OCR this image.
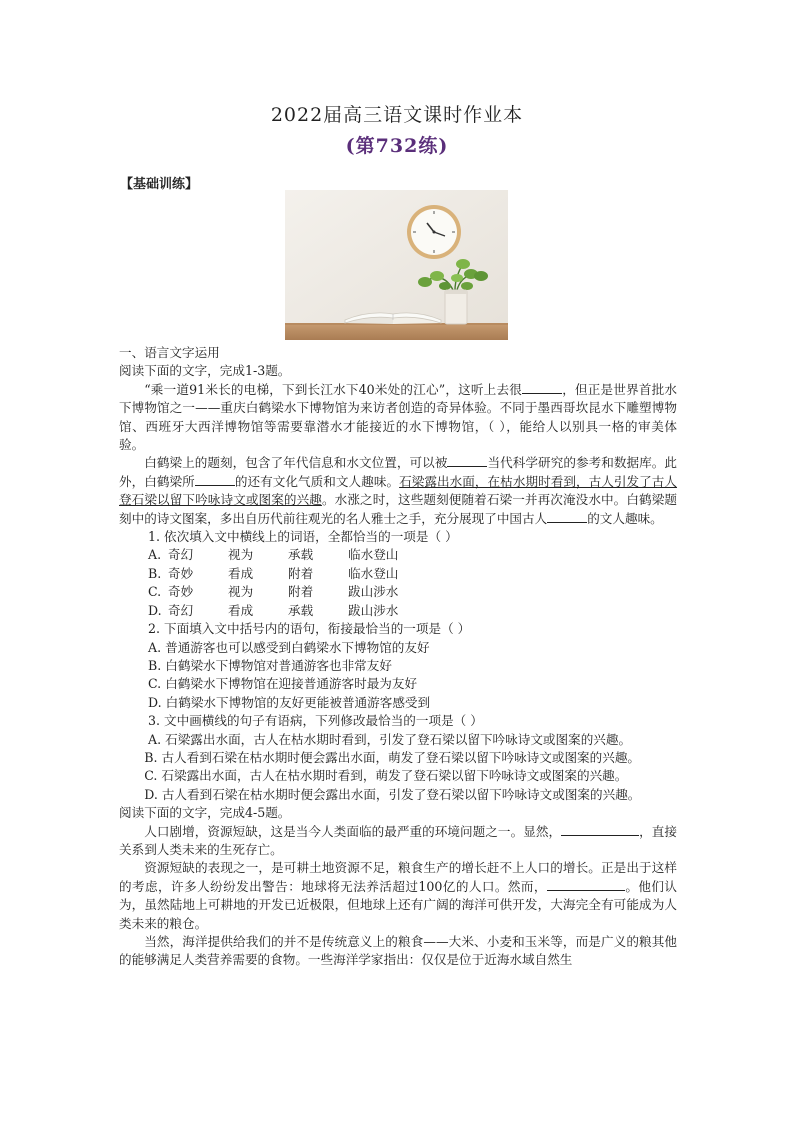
2022届高三语文课时作业本
(第732练)
【基础训练】

一、语言文字运用

阅读下面的文字，完成1-3题。

“乘一道91米长的电梯，下到长江水下40米处的江心”，这听上去很	，但正是世界首批水下博物馆之一——重庆白鹤梁水下博物馆为来访者创造的奇异体验。不同于墨西哥坎昆水下雕塑博物馆、西班牙大西洋博物馆等需要靠潜水才能接近的水下博物馆，（ ），能给人以别具一格的审美体验。

白鹤梁上的题刻，包含了年代信息和水文位置，可以被	当代科学研究的参考和数据库。此外，白鹤梁所	的还有文化气质和文人趣味。石梁露出水面，在枯水期时看到，古人引发了古人登石梁以留下吟咏诗文或图案的兴趣。水涨之时，这些题刻便随着石梁一并再次淹没水中。白鹤梁题刻中的诗文图案，多出自历代前往观光的名人雅士之手，充分展现了中国古人	的文人趣味。

1. 依次填入文中横线上的词语，全都恰当的一项是（ ）

A. 奇幻	视为	承载	临水登山

B. 奇妙	看成	附着	临水登山

C. 奇妙	视为	附着	跋山涉水

D. 奇幻	看成	承载	跋山涉水

2. 下面填入文中括号内的语句，衔接最恰当的一项是（ ）

A. 普通游客也可以感受到白鹤梁水下博物馆的友好

B. 白鹤梁水下博物馆对普通游客也非常友好

C. 白鹤梁水下博物馆在迎接普通游客时最为友好

D. 白鹤梁水下博物馆的友好更能被普通游客感受到

3. 文中画横线的句子有语病，下列修改最恰当的一项是（ ）

A. 石梁露出水面，古人在枯水期时看到，引发了登石梁以留下吟咏诗文或图案的兴趣。

B. 古人看到石梁在枯水期时便会露出水面，萌发了登石梁以留下吟咏诗文或图案的兴趣。

C. 石梁露出水面，古人在枯水期时看到，萌发了登石梁以留下吟咏诗文或图案的兴趣。

D. 古人看到石梁在枯水期时便会露出水面，引发了登石梁以留下吟咏诗文或图案的兴趣。

阅读下面的文字，完成4-5题。

人口剧增，资源短缺，这是当今人类面临的最严重的环境问题之一。显然，	，直接关系到人类未来的生死存亡。

资源短缺的表现之一，是可耕土地资源不足，粮食生产的增长赶不上人口的增长。正是出于这样的考虑，许多人纷纷发出警告：地球将无法养活超过100亿的人口。然而，	。他们认为，虽然陆地上可耕地的开发已近极限，但地球上还有广阔的海洋可供开发，大海完全有可能成为人类未来的粮仓。

当然，海洋提供给我们的并不是传统意义上的粮食——大米、小麦和玉米等，而是广义的粮其他的能够满足人类营养需要的食物。一些海洋学家指出：仅仅是位于近海水域自然生
